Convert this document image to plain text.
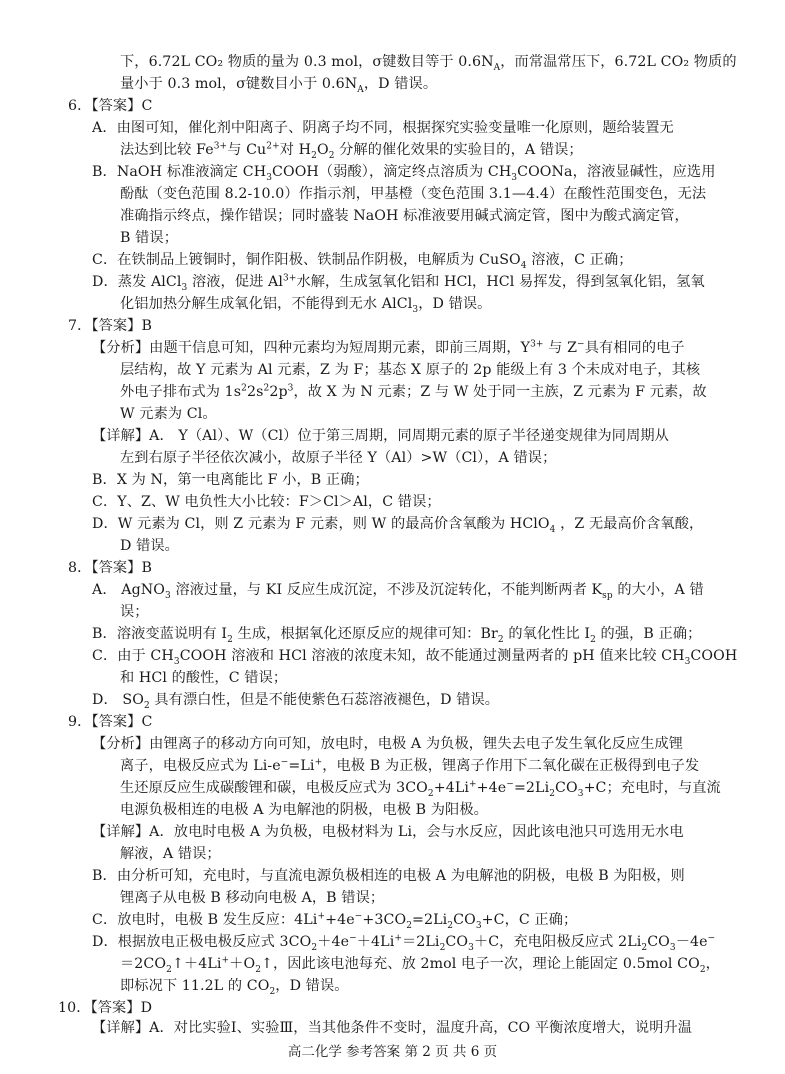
下，6.72L CO₂ 物质的量为 0.3 mol，σ键数目等于 $0.6N_A$，而常温常压下，6.72L CO₂ 物质的
量小于 0.3 mol，σ键数目小于 $0.6N_A$，D 错误。
6．【答案】C
A．由图可知，催化剂中阳离子、阴离子均不同，根据探究实验变量唯一化原则，题给装置无
法达到比较 $Fe^{3+}$与 $Cu^{2+}$对 $H_2O_2$ 分解的催化效果的实验目的，A 错误；
B．NaOH 标准液滴定 $CH_3COOH$（弱酸），滴定终点溶质为 $CH_3COONa$，溶液显碱性，应选用
酚酞（变色范围 8.2-10.0）作指示剂，甲基橙（变色范围 3.1—4.4）在酸性范围变色，无法
准确指示终点，操作错误；同时盛装 NaOH 标准液要用碱式滴定管，图中为酸式滴定管，
B 错误；
C．在铁制品上镀铜时，铜作阳极、铁制品作阴极，电解质为 CuSO$_4$ 溶液，C 正确；
D．蒸发 AlCl$_3$ 溶液，促进 $Al^{3+}$水解，生成氢氧化铝和 HCl，HCl 易挥发，得到氢氧化铝，氢氧
化铝加热分解生成氧化铝，不能得到无水 AlCl$_3$，D 错误。
7．【答案】B
【分析】由题干信息可知，四种元素均为短周期元素，即前三周期，$Y^{3+}$ 与 Z−具有相同的电子
层结构，故 Y 元素为 Al 元素，Z 为 F；基态 X 原子的 2p 能级上有 3 个未成对电子，其核
外电子排布式为 $1s^22s^22p^3$，故 X 为 N 元素；Z 与 W 处于同一主族，Z 元素为 F 元素，故
W 元素为 Cl。
【详解】A． Y（Al）、W（Cl）位于第三周期，同周期元素的原子半径递变规律为同周期从
左到右原子半径依次减小，故原子半径 Y（Al）>W（Cl），A 错误；
B．X 为 N，第一电离能比 F 小，B 正确；
C．Y、Z、W 电负性大小比较：F＞Cl＞Al，C 错误；
D．W 元素为 Cl，则 Z 元素为 F 元素，则 W 的最高价含氧酸为 HClO$_4$ ，Z 无最高价含氧酸，
D 错误。
8．【答案】B
A． AgNO$_3$ 溶液过量，与 KI 反应生成沉淀，不涉及沉淀转化，不能判断两者 $K_{sp}$ 的大小，A 错
误；
B．溶液变蓝说明有 $I_2$ 生成，根据氧化还原反应的规律可知：$Br_2$ 的氧化性比 $I_2$ 的强，B 正确；
C．由于 $CH_3COOH$ 溶液和 HCl 溶液的浓度未知，故不能通过测量两者的 pH 值来比较 $CH_3COOH$
和 HCl 的酸性，C 错误；
D． $SO_2$ 具有漂白性，但是不能使紫色石蕊溶液褪色，D 错误。
9．【答案】C
【分析】由锂离子的移动方向可知，放电时，电极 A 为负极，锂失去电子发生氧化反应生成锂
离子，电极反应式为 Li-e−=Li+，电极 B 为正极，锂离子作用下二氧化碳在正极得到电子发
生还原反应生成碳酸锂和碳，电极反应式为 $3CO_2+4Li^++4e^-=2Li_2CO_3+C$；充电时，与直流
电源负极相连的电极 A 为电解池的阴极，电极 B 为阳极。
【详解】A．放电时电极 A 为负极，电极材料为 Li，会与水反应，因此该电池只可选用无水电
解液，A 错误；
B．由分析可知，充电时，与直流电源负极相连的电极 A 为电解池的阴极，电极 B 为阳极，则
锂离子从电极 B 移动向电极 A，B 错误；
C．放电时，电极 B 发生反应：$4Li^++4e^-+3CO_2=2Li_2CO_3+C$，C 正确；
D．根据放电正极电极反应式 $3CO_2+4e^-+4Li^+=2Li_2CO_3+C$，充电阳极反应式 $2Li_2CO_3-4e^-$
$=2CO_2↑+4Li^++O_2↑$，因此该电池每充、放 2mol 电子一次，理论上能固定 0.5mol $CO_2$，
即标况下 11.2L 的 $CO_2$，D 错误。
10．【答案】D
【详解】A．对比实验Ⅰ、实验Ⅲ，当其他条件不变时，温度升高，CO 平衡浓度增大，说明升温
高二化学 参考答案 第 2 页 共 6 页
